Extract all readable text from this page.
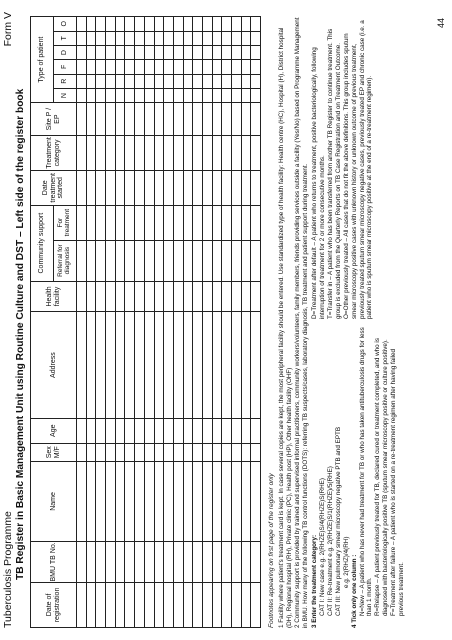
Tuberculosis Programme
Form V
TB Register in Basic Management Unit using Routine Culture and DST – Left side of the register book
Date of registration	BMU TB No.	Name	Sex M/F	Age	Address	Health facility	Community support		Date treatment started	Treatment category	Site P / EP	Type of patient					
							Referral for diagnosis	For treatment				N	R	F	D	T	O

Footnotes appearing on first page of the register only 1 Facility where patient's treatment card is kept. In case several copies are kept, the most peripheral facility should be entered. Use standardized type of health facility: Health centre (HC), Hospital (H), District hospital (DH), Regional hospital (RH), Private clinic (PC), Health post (HP), Other health facility (OHF) 2 Community support is provided by trained and supervised informal practitioners, community workers/volunteers, family members, friends providing services outside a facility (Yes/No) based on Programme Management in BMU. How many of the following TB control functions (DOTS): referring TB suspects/cases, laboratory diagnosis, TB treatment and patient support during treatment. 3 Enter the treatment category: CAT I: New case e.g. 2(RHZE)S/4(RHZE)S(RHE) CAT II: Re-treatment e.g. 2(RHZE)S/1(RHZE)/5(RHE) CAT III: New pulmonary smear microscopy negative PTB and EPTB e.g. 2(RHZ)/4(RH) 4 Tick only one column : N=New – A patient who has never had treatment for TB or who has taken antituberculosis drugs for less than 1 month. R=Relapse – A patient previously treated for TB, declared cured or treatment completed, and who is diagnosed with bacteriologically positive TB (sputum smear microscopy positive or culture positive). F=Treatment after failure – A patient who is started on a re-treatment regimen after having failed previous treatment.

D=Treatment after default – A patient who returns to treatment, positive bacteriologically, following interruption of treatment for 2 or more consecutive months. T=Transfer in – A patient who has been transferred from another TB Register to continue treatment. This group is excluded from the Quarterly Reports on TB Case Registration and on Treatment Outcome. O=Other previously treated – All cases that do not fit the above definitions. This group includes sputum smear microscopy positive cases with unknown history or unknown outcome of previous treatment, previously treated sputum smear microscopy negative cases, previously treated EP and chronic case (i.e. a patient who is sputum smear microscopy positive at the end of a re-treatment regimen).

44
